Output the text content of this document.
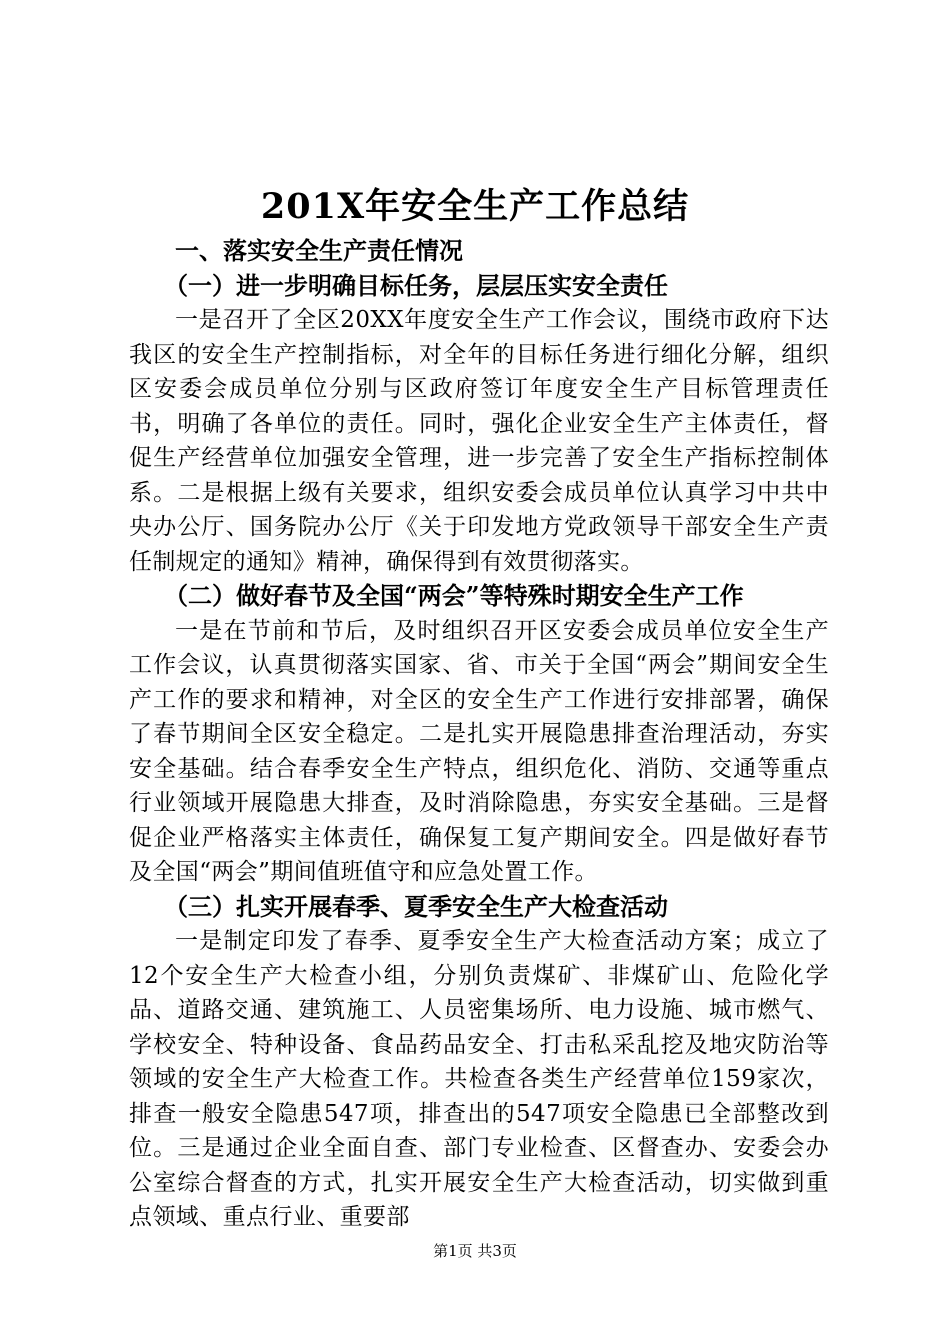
201X年安全生产工作总结

一、落实安全生产责任情况

（一）进一步明确目标任务，层层压实安全责任

一是召开了全区20XX年度安全生产工作会议，围绕市政府下达我区的安全生产控制指标，对全年的目标任务进行细化分解，组织区安委会成员单位分别与区政府签订年度安全生产目标管理责任书，明确了各单位的责任。同时，强化企业安全生产主体责任，督促生产经营单位加强安全管理，进一步完善了安全生产指标控制体系。二是根据上级有关要求，组织安委会成员单位认真学习中共中央办公厅、国务院办公厅《关于印发地方党政领导干部安全生产责任制规定的通知》精神，确保得到有效贯彻落实。

（二）做好春节及全国“两会”等特殊时期安全生产工作

一是在节前和节后，及时组织召开区安委会成员单位安全生产工作会议，认真贯彻落实国家、省、市关于全国“两会”期间安全生产工作的要求和精神，对全区的安全生产工作进行安排部署，确保了春节期间全区安全稳定。二是扎实开展隐患排查治理活动，夯实安全基础。结合春季安全生产特点，组织危化、消防、交通等重点行业领域开展隐患大排查，及时消除隐患，夯实安全基础。三是督促企业严格落实主体责任，确保复工复产期间安全。四是做好春节及全国“两会”期间值班值守和应急处置工作。

（三）扎实开展春季、夏季安全生产大检查活动

一是制定印发了春季、夏季安全生产大检查活动方案；成立了12个安全生产大检查小组，分别负责煤矿、非煤矿山、危险化学品、道路交通、建筑施工、人员密集场所、电力设施、城市燃气、学校安全、特种设备、食品药品安全、打击私采乱挖及地灾防治等领域的安全生产大检查工作。共检查各类生产经营单位159家次，排查一般安全隐患547项，排查出的547项安全隐患已全部整改到位。三是通过企业全面自查、部门专业检查、区督查办、安委会办公室综合督查的方式，扎实开展安全生产大检查活动，切实做到重点领域、重点行业、重要部

第1页 共3页
